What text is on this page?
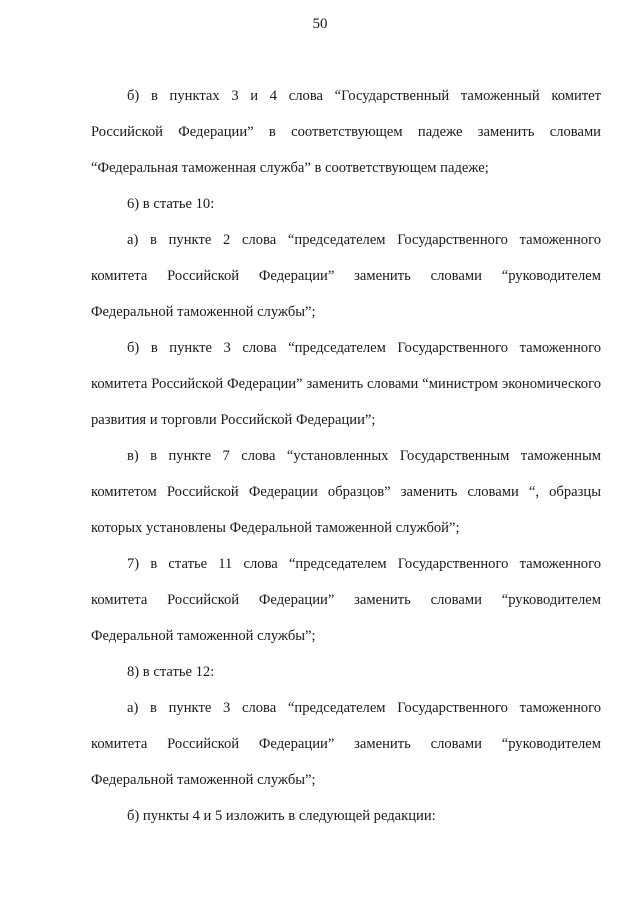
50

б) в пунктах 3 и 4 слова “Государственный таможенный комитет Российской Федерации” в соответствующем падеже заменить словами “Федеральная таможенная служба” в соответствующем падеже;

6) в статье 10:

а) в пункте 2 слова “председателем Государственного таможенного комитета Российской Федерации” заменить словами “руководителем Федеральной таможенной службы”;

б) в пункте 3 слова “председателем Государственного таможенного комитета Российской Федерации” заменить словами “министром экономического развития и торговли Российской Федерации”;

в) в пункте 7 слова “установленных Государственным таможенным комитетом Российской Федерации образцов” заменить словами “, образцы которых установлены Федеральной таможенной службой”;

7) в статье 11 слова “председателем Государственного таможенного комитета Российской Федерации” заменить словами “руководителем Федеральной таможенной службы”;

8) в статье 12:

а) в пункте 3 слова “председателем Государственного таможенного комитета Российской Федерации” заменить словами “руководителем Федеральной таможенной службы”;

б) пункты 4 и 5 изложить в следующей редакции:
